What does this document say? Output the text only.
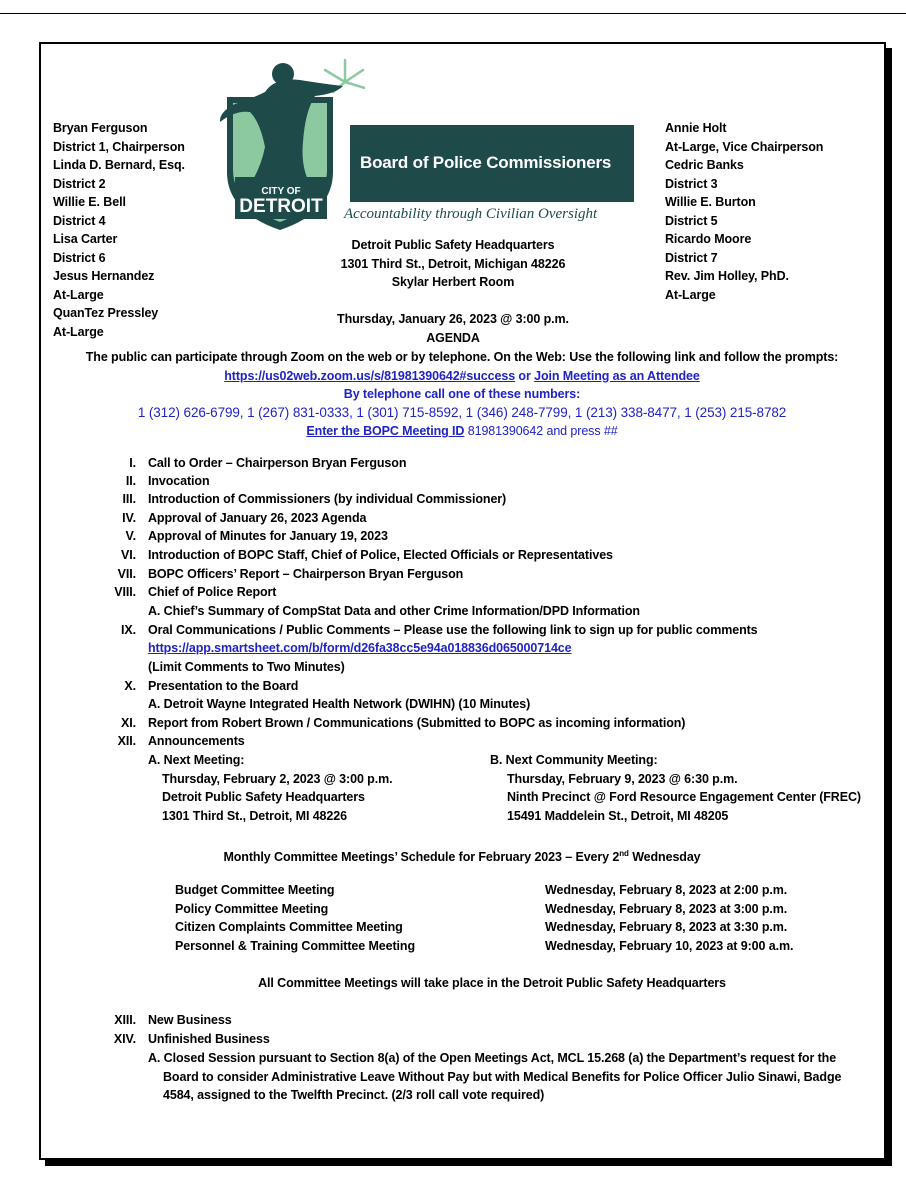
Bryan Ferguson
District 1, Chairperson
Linda D. Bernard, Esq.
District 2
Willie E. Bell
District 4
Lisa Carter
District 6
Jesus Hernandez
At-Large
QuanTez Pressley
At-Large
Annie Holt
At-Large, Vice Chairperson
Cedric Banks
District 3
Willie E. Burton
District 5
Ricardo Moore
District 7
Rev. Jim Holley, PhD.
At-Large
CITY OF
DETROIT
Board of Police Commissioners
Accountability through Civilian Oversight
Detroit Public Safety Headquarters
1301 Third St., Detroit, Michigan 48226
Skylar Herbert Room
Thursday, January 26, 2023 @ 3:00 p.m.
AGENDA
The public can participate through Zoom on the web or by telephone. On the Web: Use the following link and follow the prompts:
https://us02web.zoom.us/s/81981390642#success or Join Meeting as an Attendee
By telephone call one of these numbers:
1 (312) 626-6799, 1 (267) 831-0333, 1 (301) 715-8592, 1 (346) 248-7799, 1 (213) 338-8477, 1 (253) 215-8782
Enter the BOPC Meeting ID 81981390642 and press ##
I. Call to Order – Chairperson Bryan Ferguson
II. Invocation
III. Introduction of Commissioners (by individual Commissioner)
IV. Approval of January 26, 2023 Agenda
V. Approval of Minutes for January 19, 2023
VI. Introduction of BOPC Staff, Chief of Police, Elected Officials or Representatives
VII. BOPC Officers’ Report – Chairperson Bryan Ferguson
VIII. Chief of Police Report
A. Chief’s Summary of CompStat Data and other Crime Information/DPD Information
IX. Oral Communications / Public Comments – Please use the following link to sign up for public comments
https://app.smartsheet.com/b/form/d26fa38cc5e94a018836d065000714ce
(Limit Comments to Two Minutes)
X. Presentation to the Board
A. Detroit Wayne Integrated Health Network (DWIHN) (10 Minutes)
XI. Report from Robert Brown / Communications (Submitted to BOPC as incoming information)
XII. Announcements
A. Next Meeting:
Thursday, February 2, 2023 @ 3:00 p.m.
Detroit Public Safety Headquarters
1301 Third St., Detroit, MI 48226
B. Next Community Meeting:
Thursday, February 9, 2023 @ 6:30 p.m.
Ninth Precinct @ Ford Resource Engagement Center (FREC)
15491 Maddelein St., Detroit, MI 48205
Monthly Committee Meetings’ Schedule for February 2023 – Every 2nd Wednesday
Budget Committee Meeting
Policy Committee Meeting
Citizen Complaints Committee Meeting
Personnel & Training Committee Meeting
Wednesday, February 8, 2023 at 2:00 p.m.
Wednesday, February 8, 2023 at 3:00 p.m.
Wednesday, February 8, 2023 at 3:30 p.m.
Wednesday, February 10, 2023 at 9:00 a.m.
All Committee Meetings will take place in the Detroit Public Safety Headquarters
XIII. New Business
XIV. Unfinished Business
A. Closed Session pursuant to Section 8(a) of the Open Meetings Act, MCL 15.268 (a) the Department’s request for the
Board to consider Administrative Leave Without Pay but with Medical Benefits for Police Officer Julio Sinawi, Badge
4584, assigned to the Twelfth Precinct. (2/3 roll call vote required)
